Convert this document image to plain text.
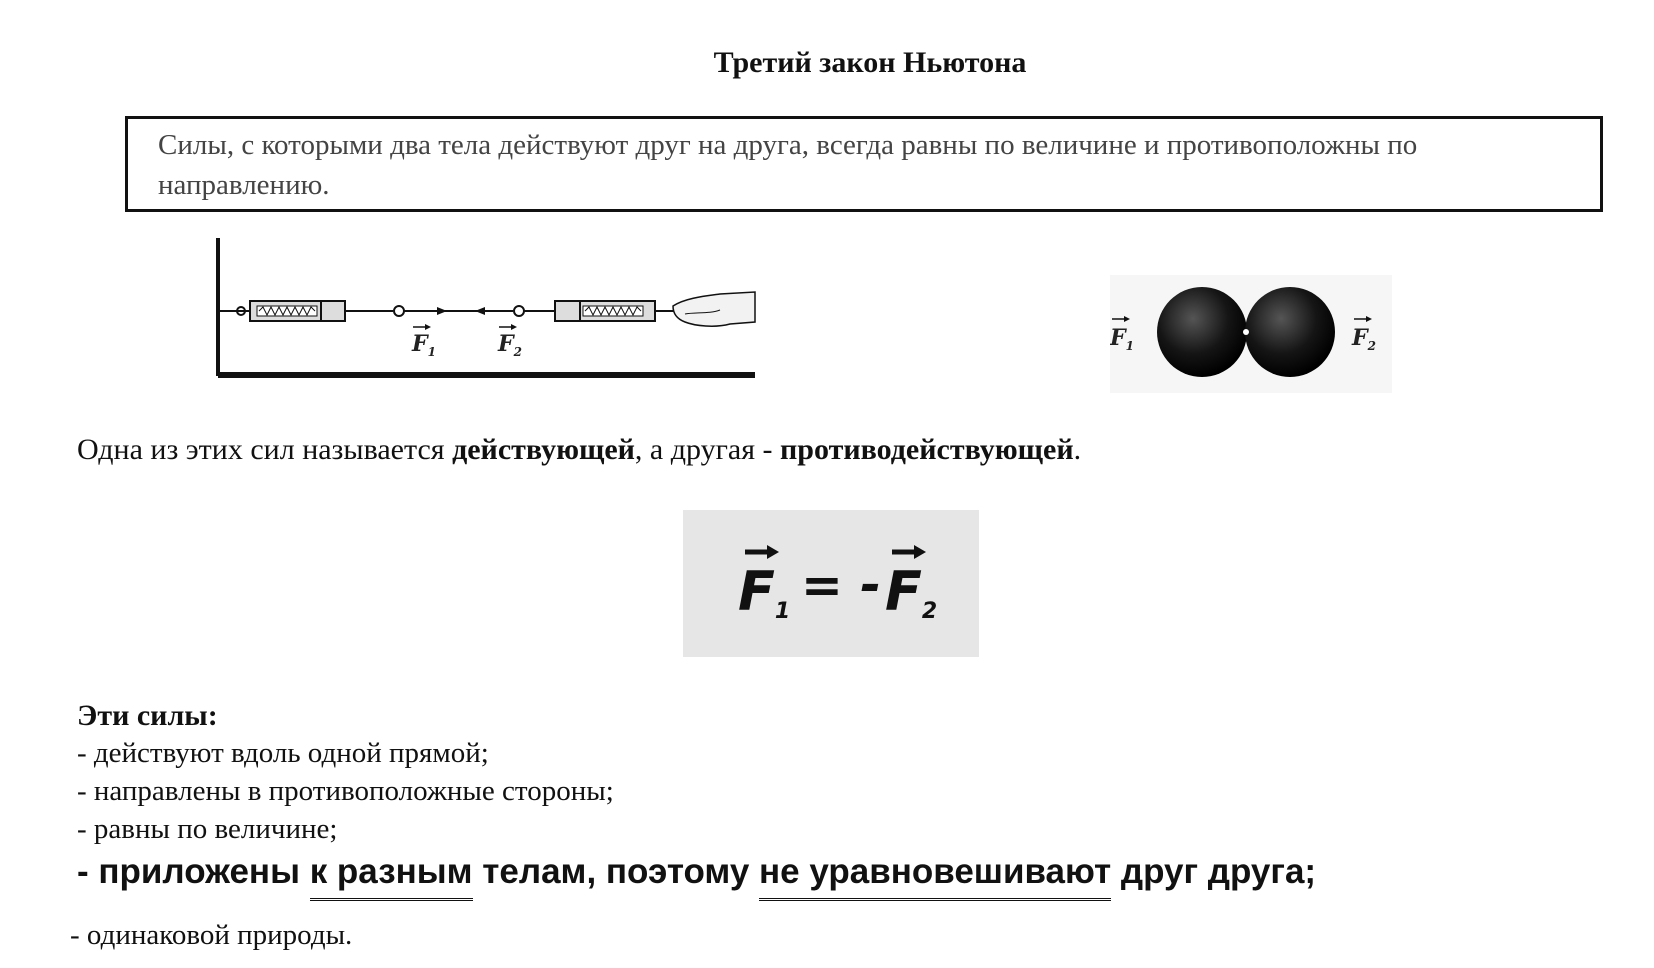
Третий закон Ньютона
Силы, с которыми два тела действуют друг на друга, всегда равны по величине и противоположны по направлению.
$F_1$	$F_2$
$F_1$	$F_2$
Одна из этих сил называется действующей, а другая - противодействующей.
F1 = - F2
Эти силы:
- действуют вдоль одной прямой;
- направлены в противоположные стороны;
- равны по величине;
- приложены к разным телам, поэтому не уравновешивают друг друга;
- одинаковой природы.
